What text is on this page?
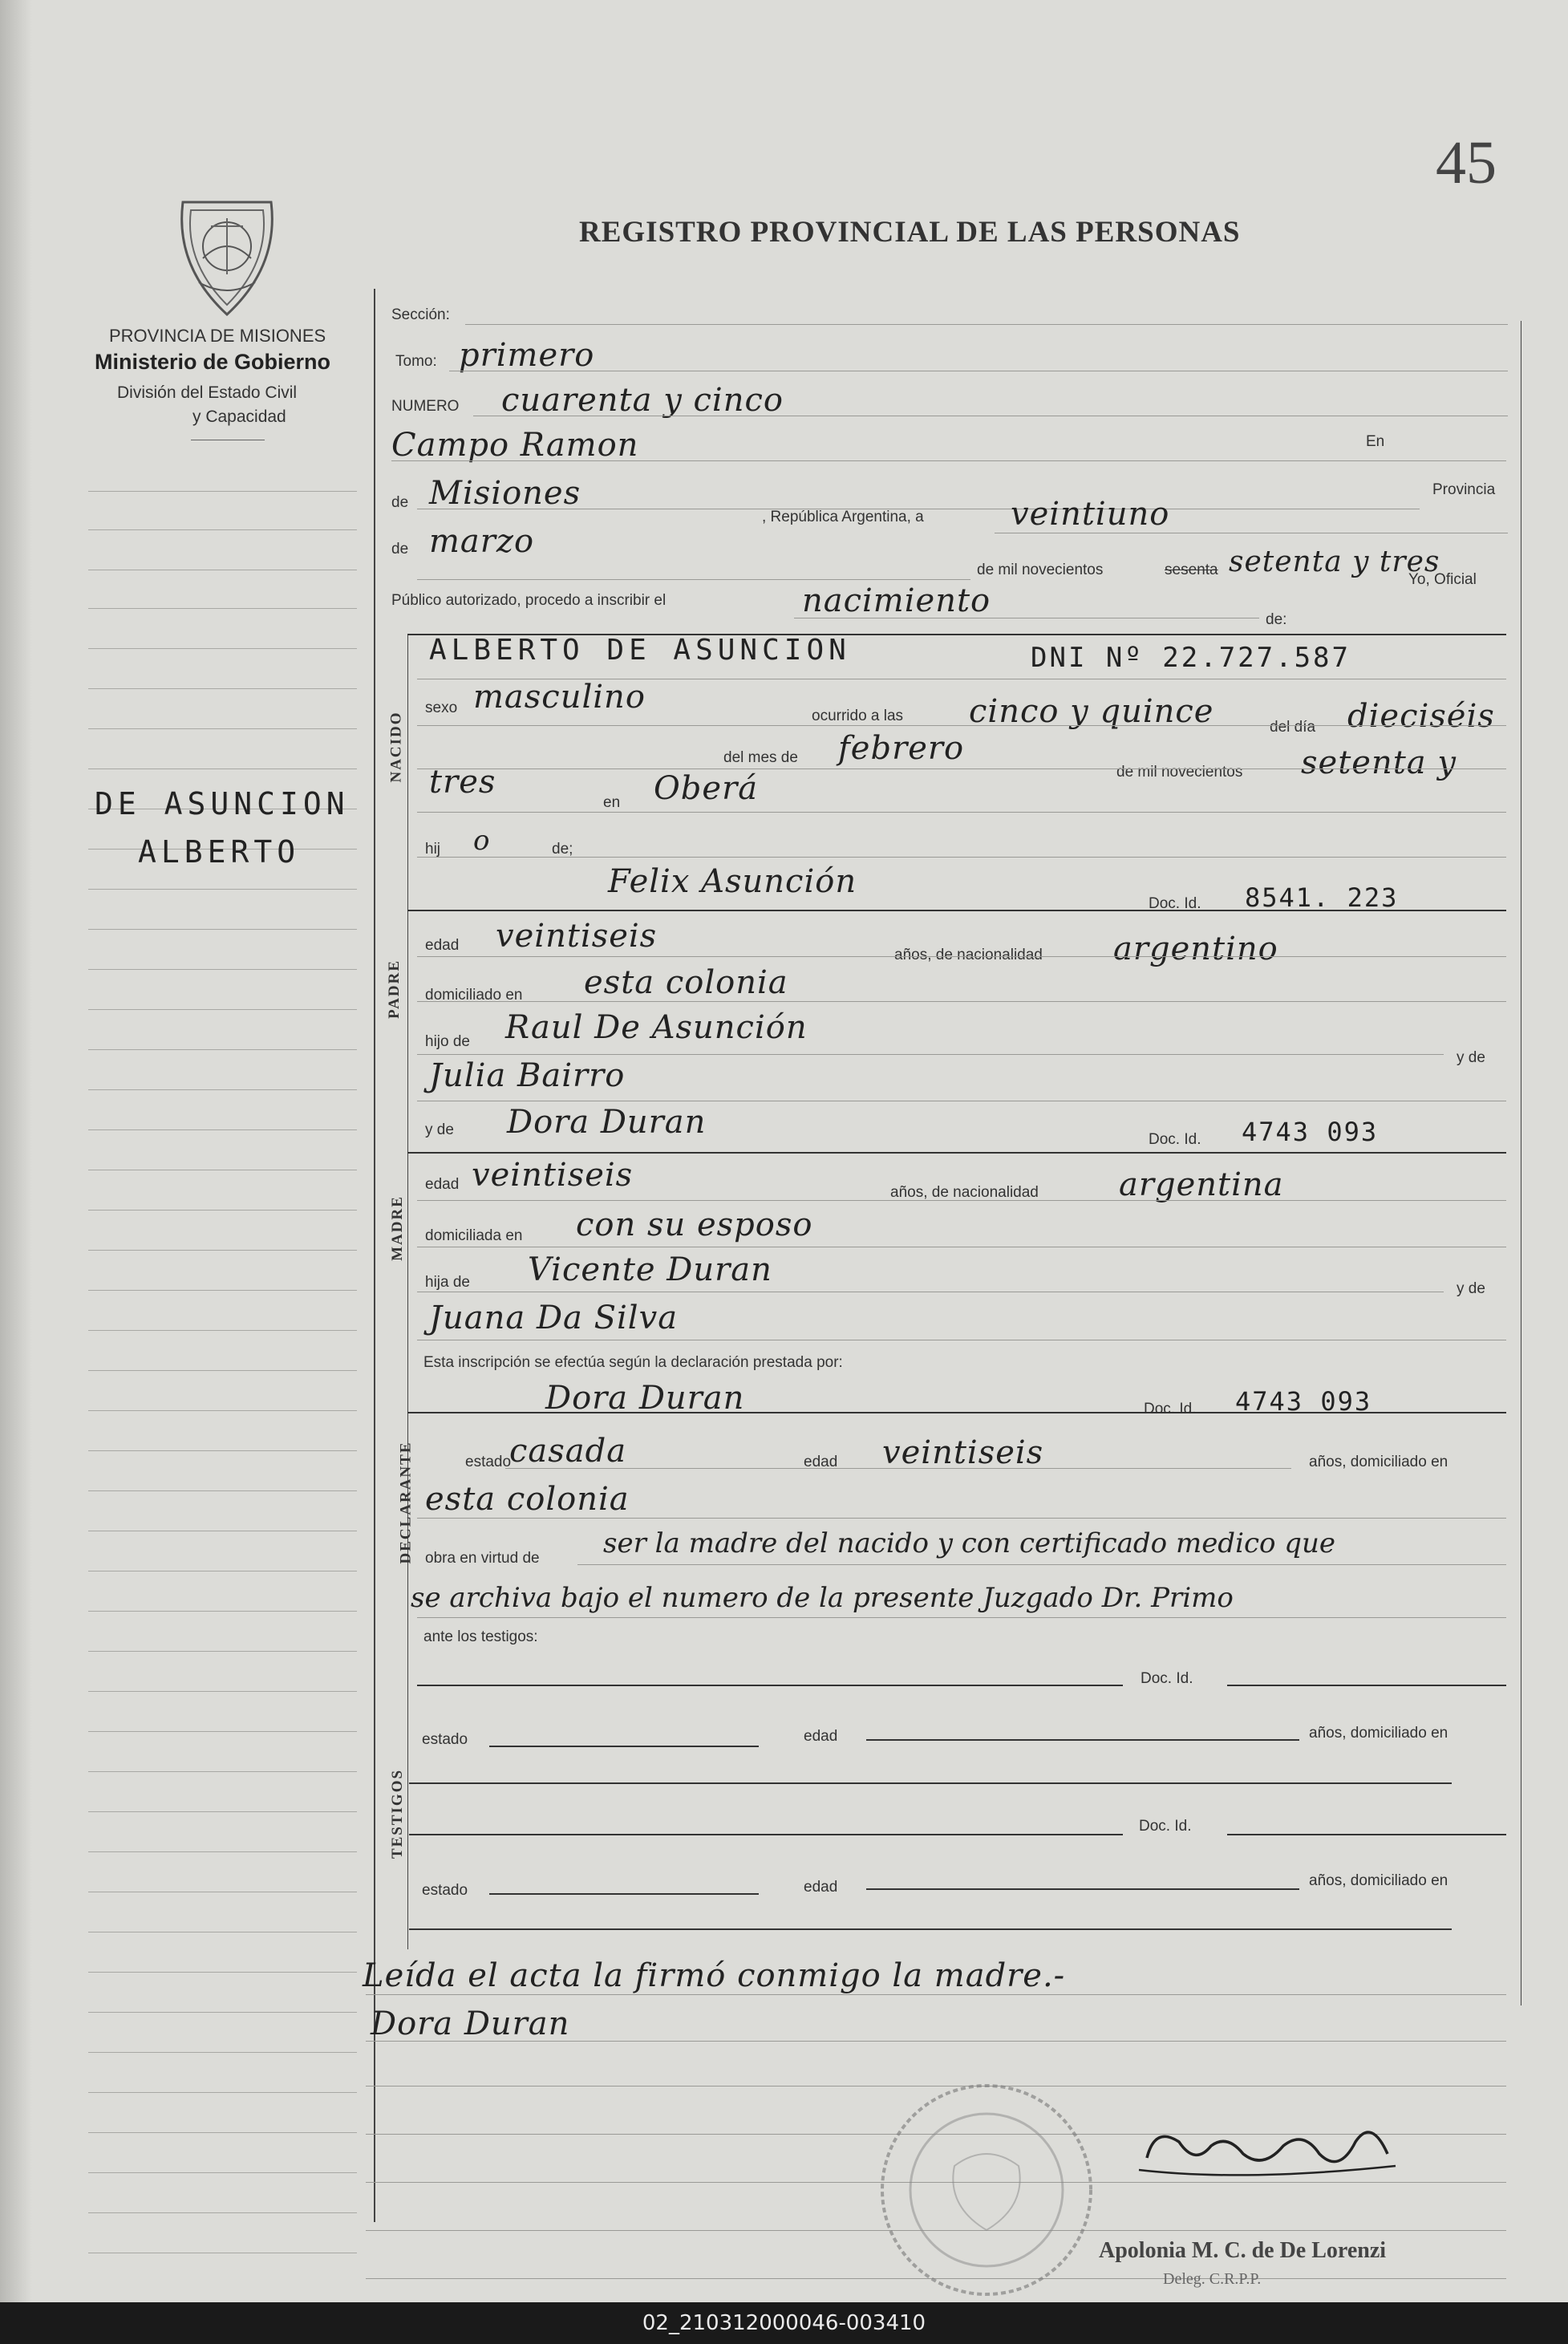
45
REGISTRO PROVINCIAL DE LAS PERSONAS
PROVINCIA DE MISIONES
Ministerio de Gobierno
División del Estado Civil
y Capacidad
DE ASUNCION
ALBERTO
NACIDO
PADRE
MADRE
DECLARANTE
TESTIGOS
Sección:
Tomo: primero
NUMERO cuarenta y cinco
Campo Ramon	En
de Misiones	Provincia
veintiuno
, República Argentina, a
de marzo
de mil novecientos	sesenta setenta y tres
Yo, Oficial
Público autorizado, procedo a inscribir el	nacimiento
de:
ALBERTO DE ASUNCION	DNI Nº 22.727.587
sexo masculino
ocurrido a las cinco y quince	del día dieciséis
del mes de febrero
de mil novecientos setenta y
tres
en Oberá
hij o	de;
Felix Asunción
Doc. Id. 8541. 223
edad veintiseis
años, de nacionalidad argentino
domiciliado en esta colonia
hijo de Raul De Asunción
y de
Julia Bairro
y de Dora Duran	Doc. Id. 4743 093
edad veintiseis	años, de nacionalidad	argentina
domiciliada en con su esposo
hija de Vicente Duran
y de
Juana Da Silva
Esta inscripción se efectúa según la declaración prestada por:
Dora Duran	Doc. Id. 4743 093
estado
casada	edad veintiseis	años, domiciliado en
esta colonia
obra en virtud de ser la madre del nacido y con certificado medico que
se archiva bajo el numero de la presente Juzgado Dr. Primo
ante los testigos:
Doc. Id.
estado	edad	años, domiciliado en
Doc. Id.
estado	edad	años, domiciliado en
Leída el acta la firmó conmigo la madre.-
Dora Duran
Apolonia M. C. de De Lorenzi
Deleg. C.R.P.P.
02_210312000046-003410
